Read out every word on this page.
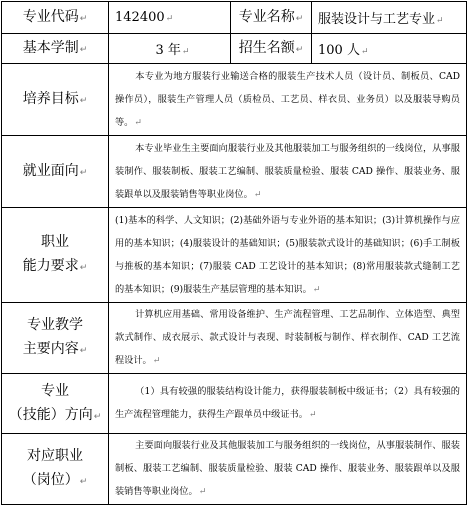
专业代码↵	142400↵	专业名称↵	服装设计与工艺专业↵
基本学制↵	3 年↵	招生名额↵	100 人↵
培养目标↵	本专业为地方服装行业输送合格的服装生产技术人员（设计员、制板员、CAD 操作员），服装生产管理人员（质检员、工艺员、样衣员、业务员）以及服装导购员等。↵		
就业面向↵	本专业毕业生主要面向服装行业及其他服装加工与服务组织的一线岗位，从事服装制作、服装制板、服装工艺编制、服装质量检验、服装 CAD 操作、服装业务、服装跟单以及服装销售等职业岗位。↵		

职业
能力要求↵	(1)基本的科学、人文知识；(2)基础外语与专业外语的基本知识；(3)计算机操作与应用的基本知识；(4)服装设计的基础知识；(5)服装款式设计的基础知识；(6)手工制板与推板的基本知识；(7)服装 CAD 工艺设计的基本知识；(8)常用服装款式缝制工艺的基本知识；(9)服装生产基层管理的基本知识。↵		

专业教学
主要内容↵	计算机应用基础、常用设备维护、生产流程管理、工艺品制作、立体造型、典型款式制作、成衣展示、款式设计与表现、时装制板与制作、样衣制作、CAD 工艺流程设计。↵		

专业
（技能）方向↵	（1）具有较强的服装结构设计能力，获得服装制板中级证书；（2）具有较强的生产流程管理能力，获得生产跟单员中级证书。↵		

对应职业
（岗位）↵	主要面向服装行业及其他服装加工与服务组织的一线岗位，从事服装制作、服装制板、服装工艺编制、服装质量检验、服装 CAD 操作、服装业务、服装跟单以及服装销售等职业岗位。↵		
